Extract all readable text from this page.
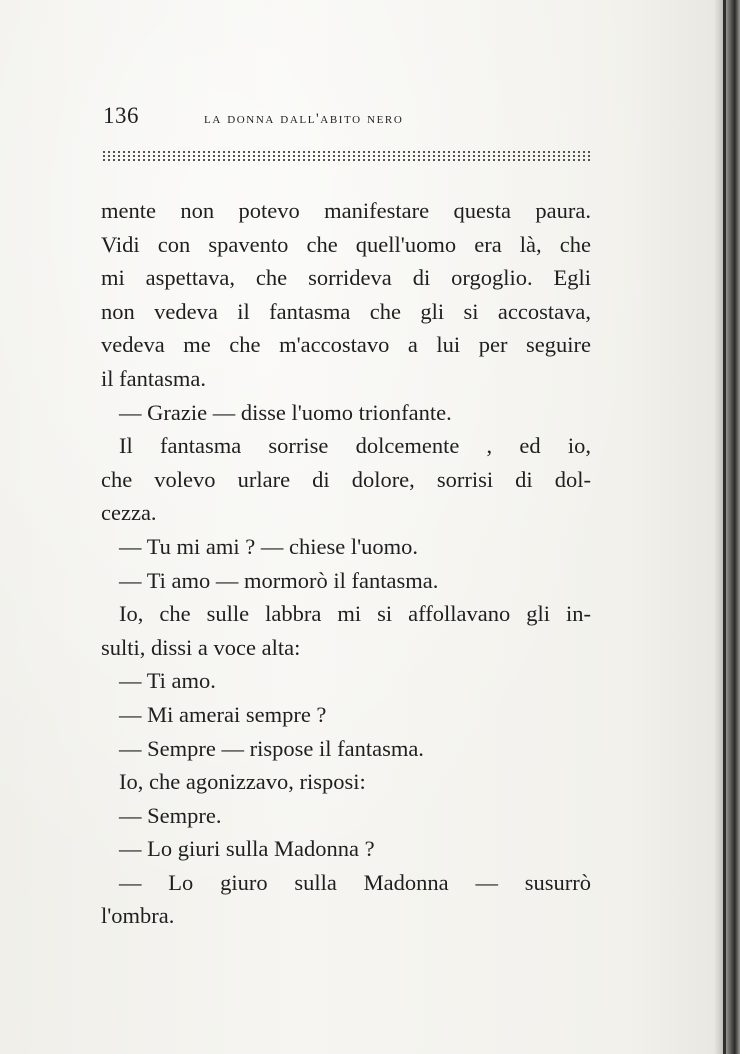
136	la donna dall'abito nero
mente non potevo manifestare questa paura.
Vidi con spavento che quell'uomo era là, che
mi aspettava, che sorrideva di orgoglio. Egli
non vedeva il fantasma che gli si accostava,
vedeva me che m'accostavo a lui per seguire
il fantasma.
— Grazie — disse l'uomo trionfante.
Il fantasma sorrise dolcemente , ed io,
che volevo urlare di dolore, sorrisi di dol-
cezza.
— Tu mi ami ? — chiese l'uomo.
— Ti amo — mormorò il fantasma.
Io, che sulle labbra mi si affollavano gli in-
sulti, dissi a voce alta:
— Ti amo.
— Mi amerai sempre ?
— Sempre — rispose il fantasma.
Io, che agonizzavo, risposi:
— Sempre.
— Lo giuri sulla Madonna ?
— Lo giuro sulla Madonna — susurrò
l'ombra.
